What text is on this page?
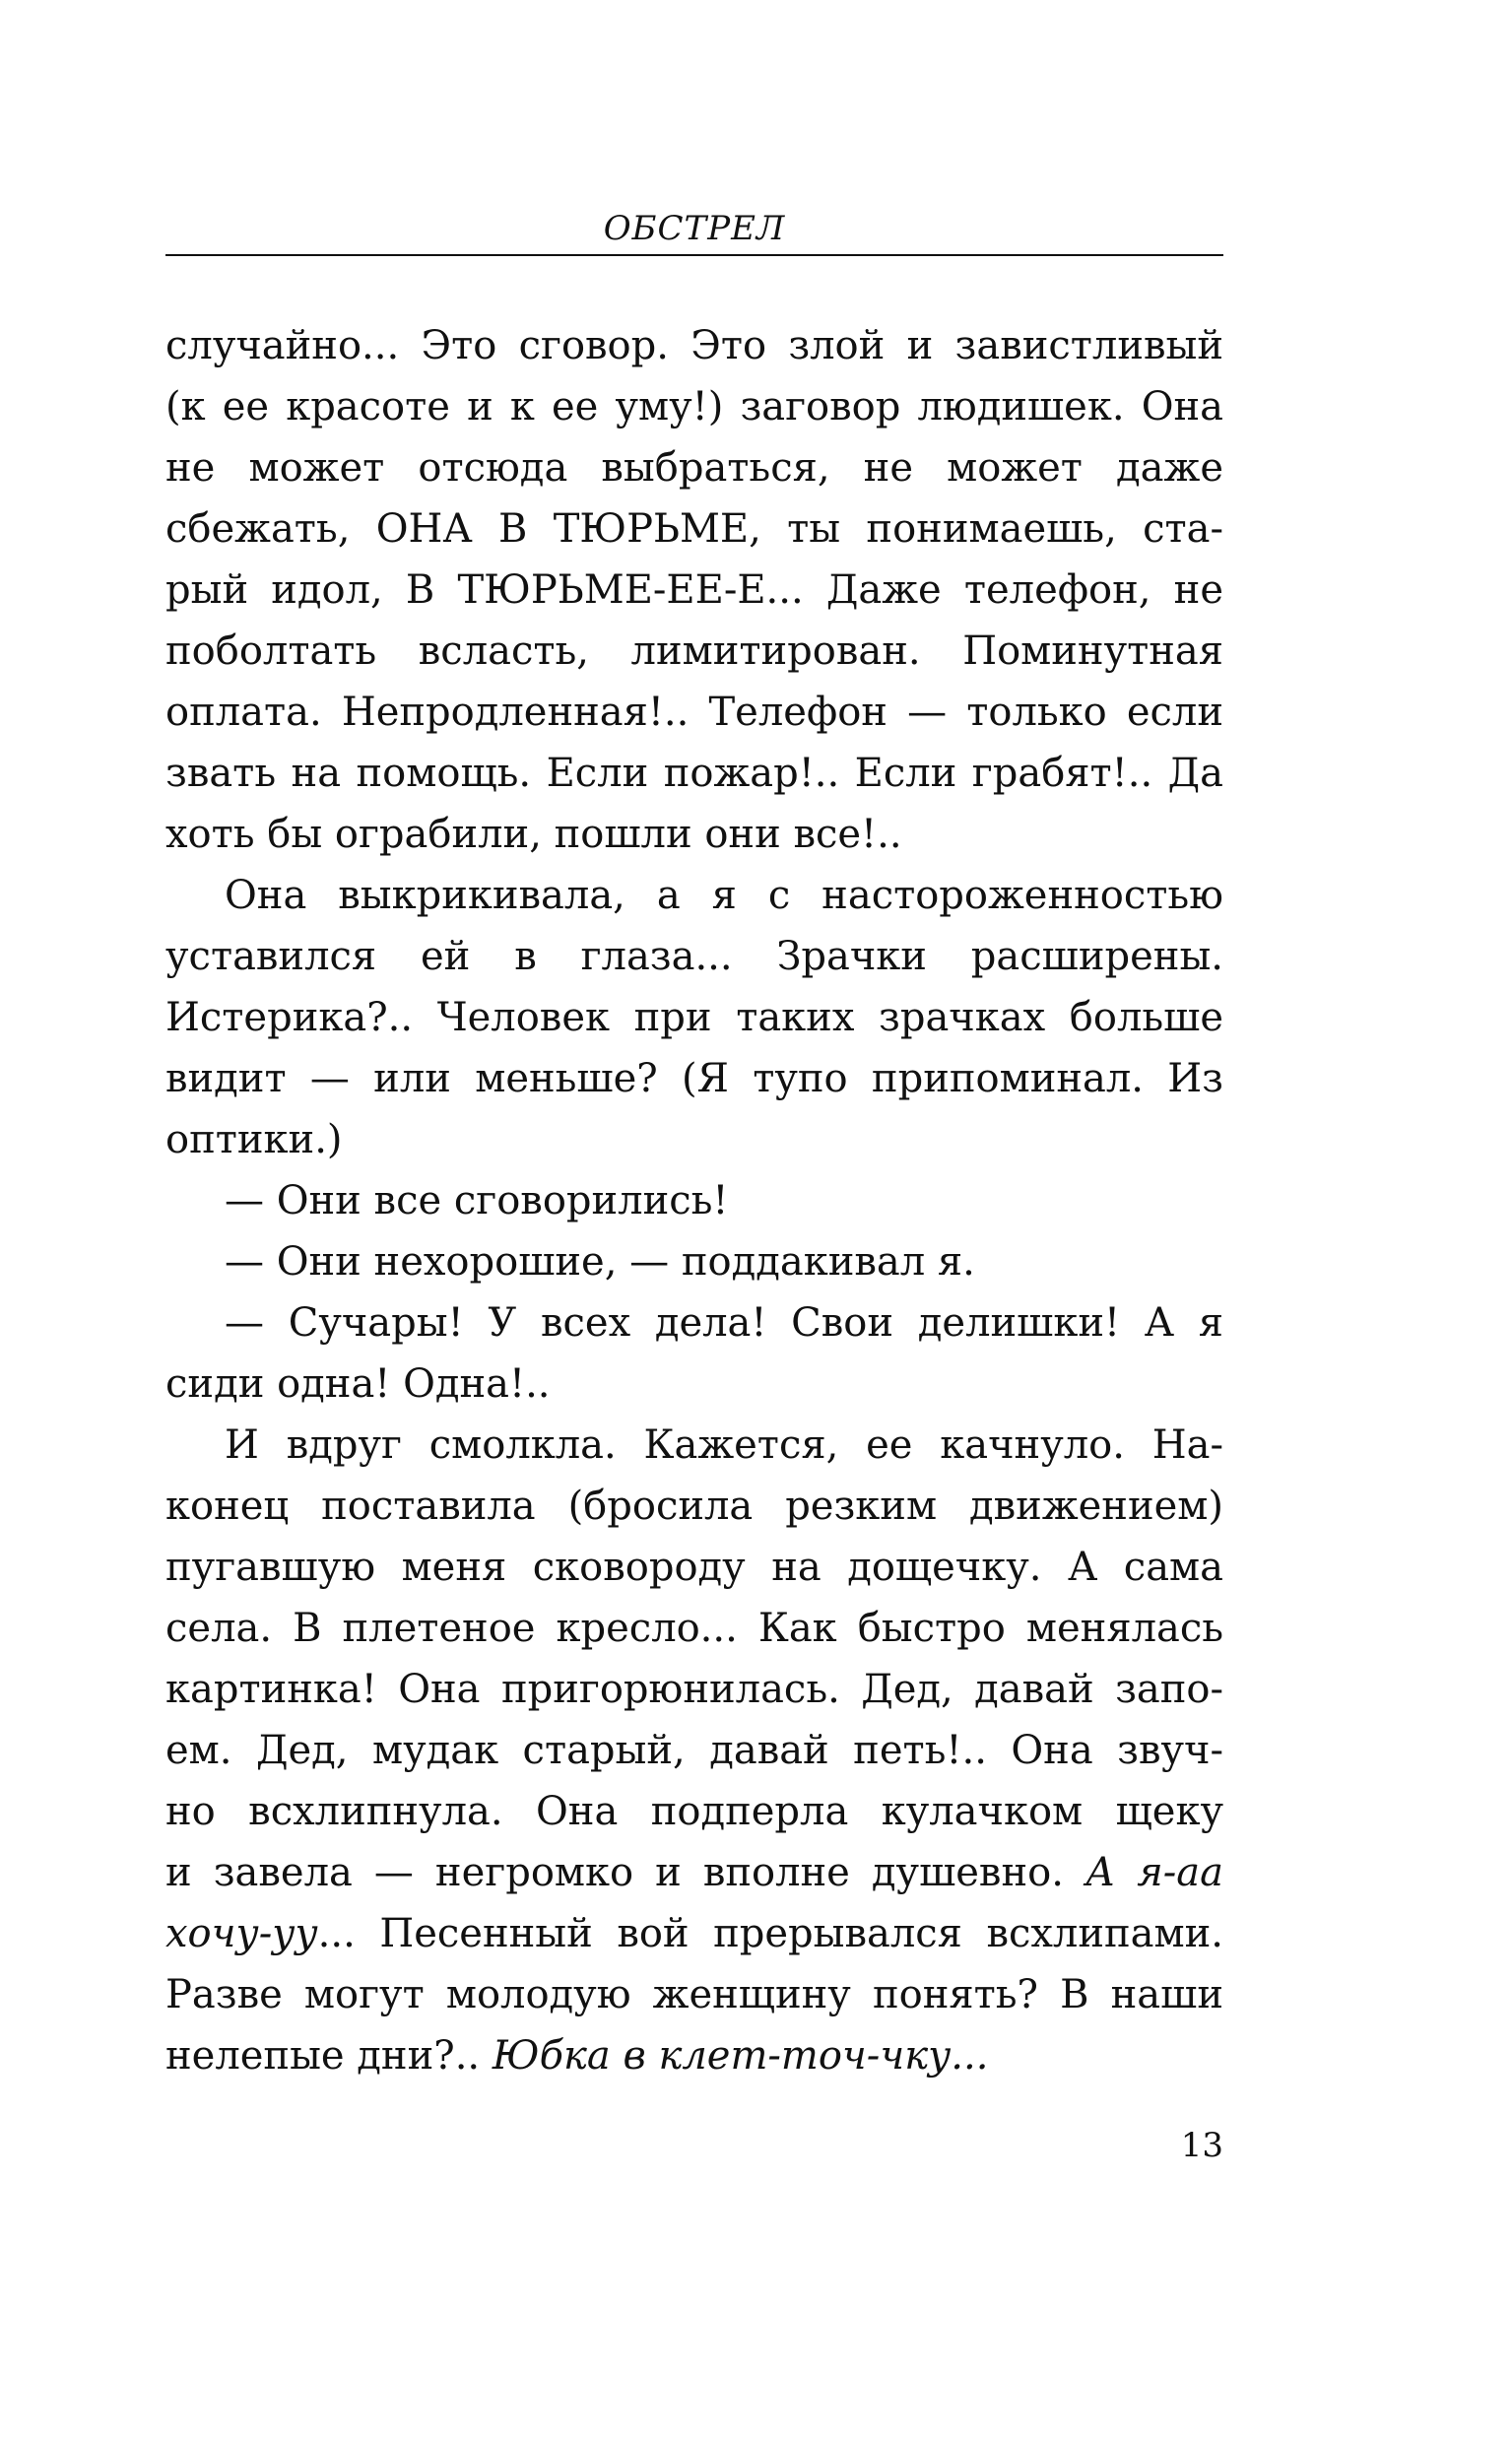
ОБСТРЕЛ
случайно... Это сговор. Это злой и завистливый
(к ее красоте и к ее уму!) заговор людишек. Она
не может отсюда выбраться, не может даже
сбежать, ОНА В ТЮРЬМЕ, ты понимаешь, ста-
рый идол, В ТЮРЬМЕ-ЕЕ-Е... Даже телефон, не
поболтать всласть, лимитирован. Поминутная
оплата. Непродленная!.. Телефон — только если
звать на помощь. Если пожар!.. Если грабят!.. Да
хоть бы ограбили, пошли они все!..
Она выкрикивала, а я с настороженностью
уставился ей в глаза... Зрачки расширены.
Истерика?.. Человек при таких зрачках больше
видит — или меньше? (Я тупо припоминал. Из
оптики.)
— Они все сговорились!
— Они нехорошие, — поддакивал я.
— Сучары! У всех дела! Свои делишки! А я
сиди одна! Одна!..
И вдруг смолкла. Кажется, ее качнуло. На-
конец поставила (бросила резким движением)
пугавшую меня сковороду на дощечку. А сама
села. В плетеное кресло... Как быстро менялась
картинка! Она пригорюнилась. Дед, давай запо-
ем. Дед, мудак старый, давай петь!.. Она звуч-
но всхлипнула. Она подперла кулачком щеку
и завела — негромко и вполне душевно. А я-аа
хочу-уу... Песенный вой прерывался всхлипами.
Разве могут молодую женщину понять? В наши
нелепые дни?.. Юбка в клет-точ-чку...
13
